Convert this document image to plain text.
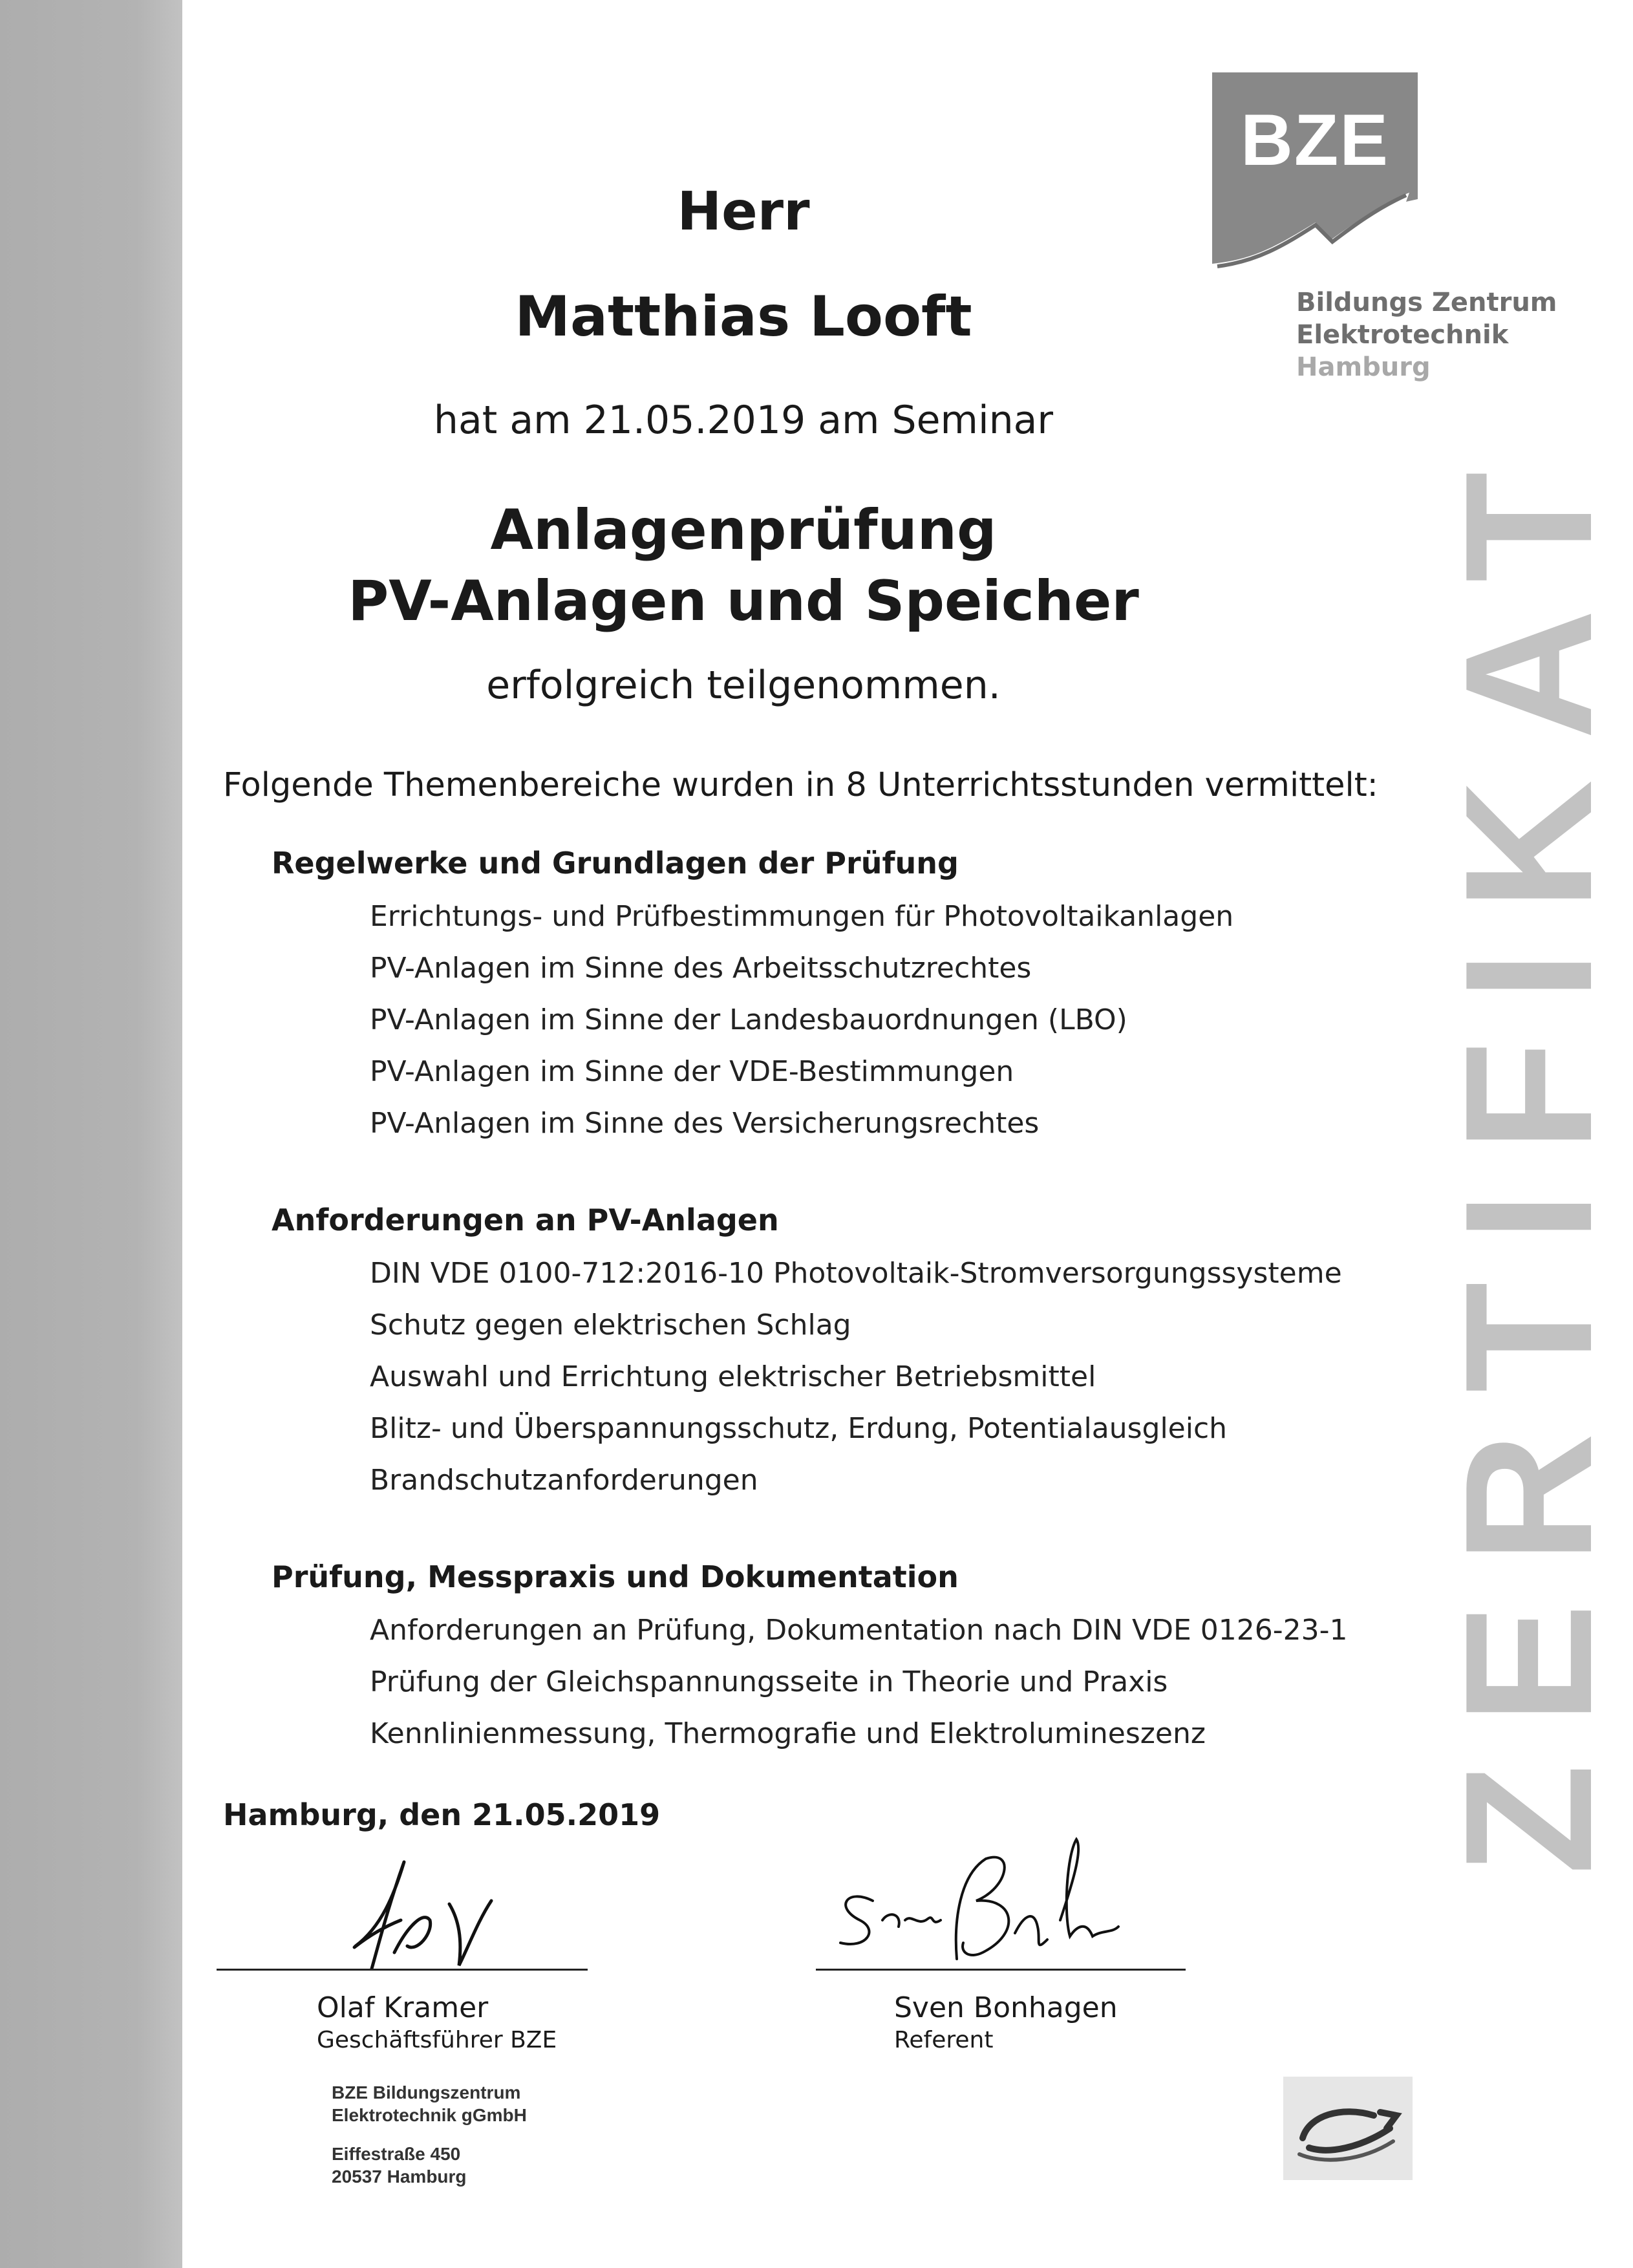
BZE
Bildungs Zentrum
Elektrotechnik
Hamburg
ZERTIFIKAT
Herr
Matthias Looft
hat am 21.05.2019 am Seminar
Anlagenprüfung
PV-Anlagen und Speicher
erfolgreich teilgenommen.
Folgende Themenbereiche wurden in 8 Unterrichtsstunden vermittelt:
Regelwerke und Grundlagen der Prüfung
Errichtungs- und Prüfbestimmungen für Photovoltaikanlagen
PV-Anlagen im Sinne des Arbeitsschutzrechtes
PV-Anlagen im Sinne der Landesbauordnungen (LBO)
PV-Anlagen im Sinne der VDE-Bestimmungen
PV-Anlagen im Sinne des Versicherungsrechtes
Anforderungen an PV-Anlagen
DIN VDE 0100-712:2016-10 Photovoltaik-Stromversorgungssysteme
Schutz gegen elektrischen Schlag
Auswahl und Errichtung elektrischer Betriebsmittel
Blitz- und Überspannungsschutz, Erdung, Potentialausgleich
Brandschutzanforderungen
Prüfung, Messpraxis und Dokumentation
Anforderungen an Prüfung, Dokumentation nach DIN VDE 0126-23-1
Prüfung der Gleichspannungsseite in Theorie und Praxis
Kennlinienmessung, Thermografie und Elektrolumineszenz
Hamburg, den 21.05.2019
Olaf Kramer
Geschäftsführer BZE
Sven Bonhagen
Referent
BZE Bildungszentrum
Elektrotechnik gGmbH
Eiffestraße 450
20537 Hamburg
